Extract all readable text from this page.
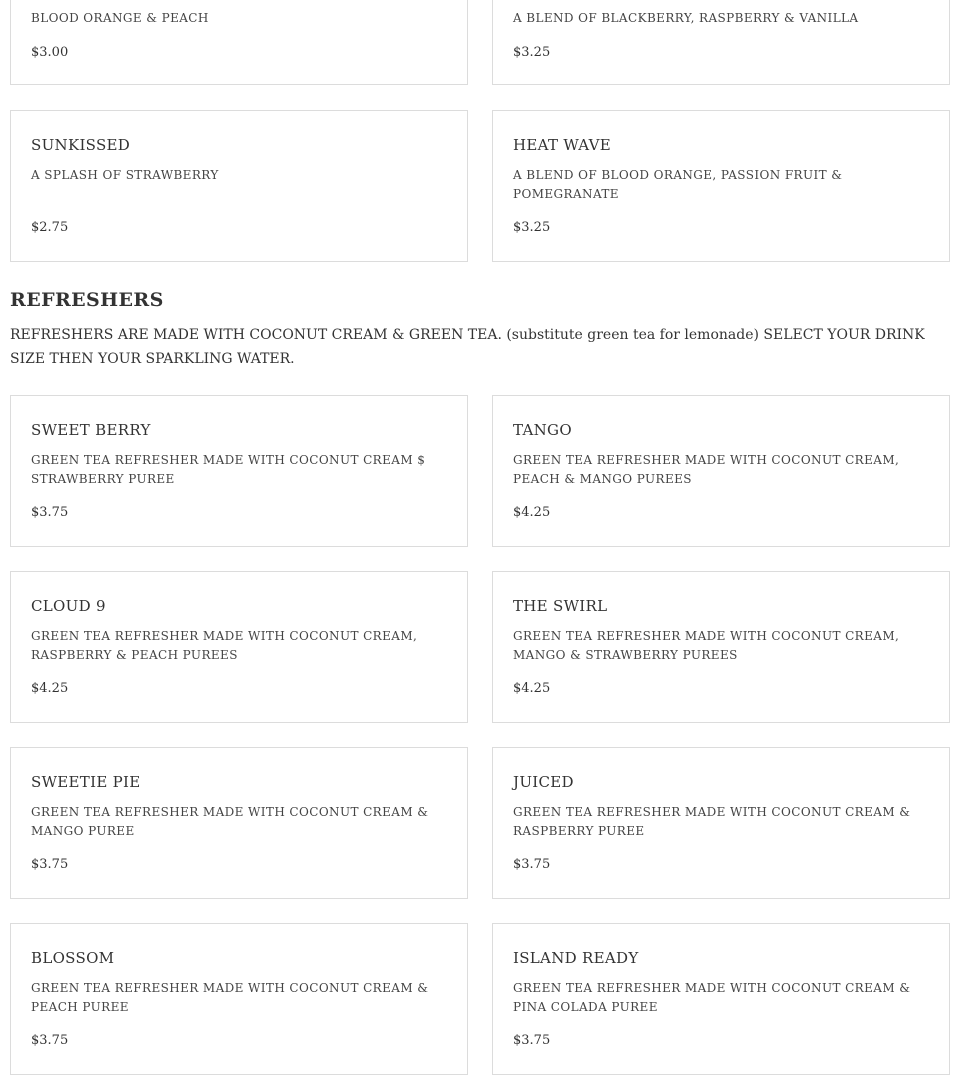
BLOOD ORANGE & PEACH
$3.00
A BLEND OF BLACKBERRY, RASPBERRY & VANILLA
$3.25
SUNKISSED
A SPLASH OF STRAWBERRY
$2.75
HEAT WAVE
A BLEND OF BLOOD ORANGE, PASSION FRUIT & POMEGRANATE
$3.25
REFRESHERS

REFRESHERS ARE MADE WITH COCONUT CREAM & GREEN TEA. (substitute green tea for lemonade) SELECT YOUR DRINK SIZE THEN YOUR SPARKLING WATER.

SWEET BERRY
GREEN TEA REFRESHER MADE WITH COCONUT CREAM $ STRAWBERRY PUREE
$3.75
TANGO
GREEN TEA REFRESHER MADE WITH COCONUT CREAM, PEACH & MANGO PUREES
$4.25
CLOUD 9
GREEN TEA REFRESHER MADE WITH COCONUT CREAM, RASPBERRY & PEACH PUREES
$4.25
THE SWIRL
GREEN TEA REFRESHER MADE WITH COCONUT CREAM, MANGO & STRAWBERRY PUREES
$4.25
SWEETIE PIE
GREEN TEA REFRESHER MADE WITH COCONUT CREAM & MANGO PUREE
$3.75
JUICED
GREEN TEA REFRESHER MADE WITH COCONUT CREAM & RASPBERRY PUREE
$3.75
BLOSSOM
GREEN TEA REFRESHER MADE WITH COCONUT CREAM & PEACH PUREE
$3.75
ISLAND READY
GREEN TEA REFRESHER MADE WITH COCONUT CREAM & PINA COLADA PUREE
$3.75
